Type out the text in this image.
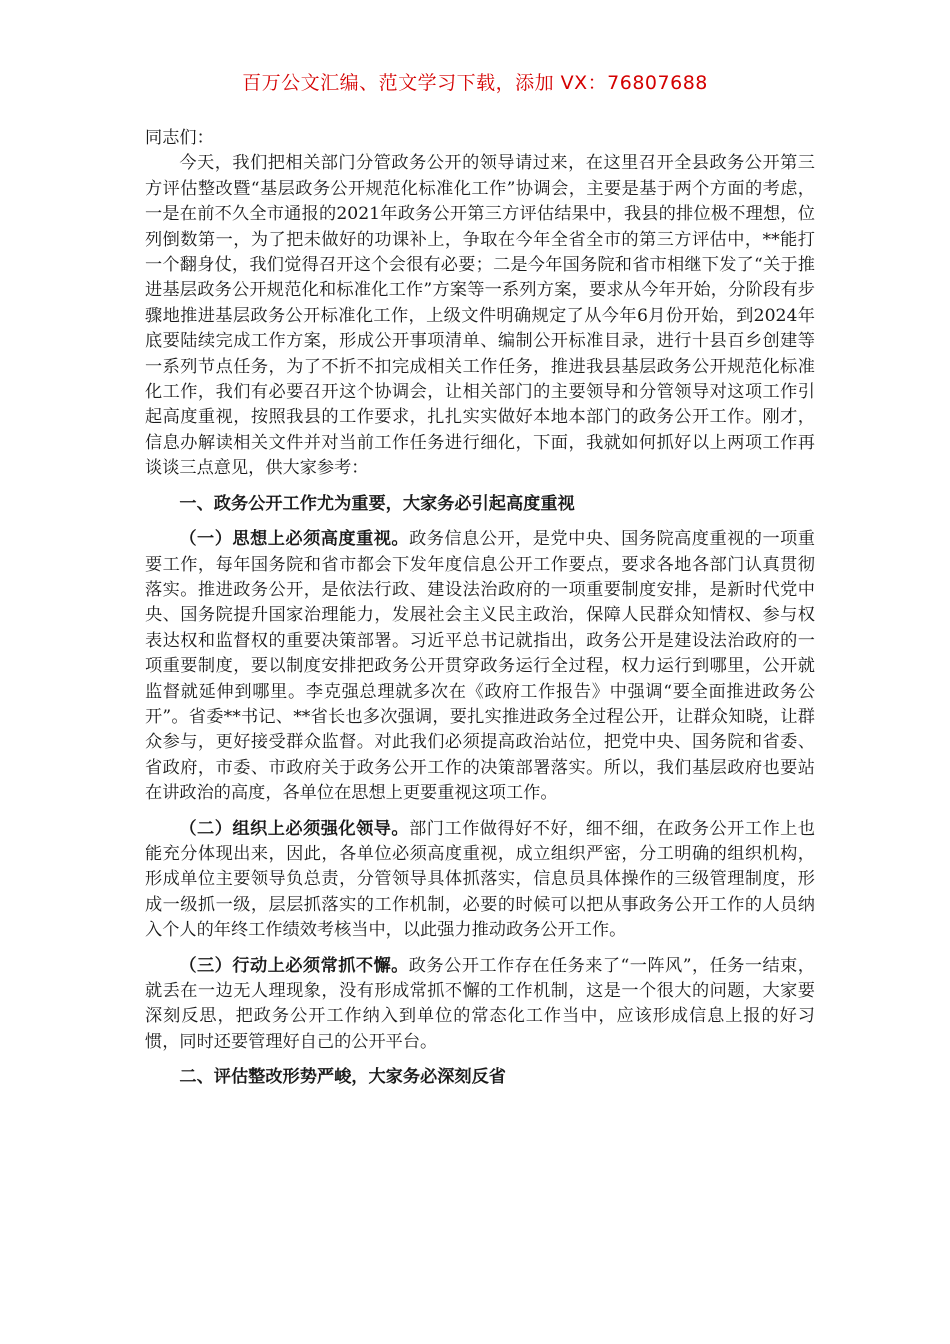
百万公文汇编、范文学习下载，添加 VX：76807688
同志们：

今天，我们把相关部门分管政务公开的领导请过来，在这里召开全县政务公开第三方评估整改暨“基层政务公开规范化标准化工作”协调会，主要是基于两个方面的考虑，一是在前不久全市通报的2021年政务公开第三方评估结果中，我县的排位极不理想，位列倒数第一，为了把未做好的功课补上，争取在今年全省全市的第三方评估中，**能打一个翻身仗，我们觉得召开这个会很有必要；二是今年国务院和省市相继下发了“关于推进基层政务公开规范化和标准化工作”方案等一系列方案，要求从今年开始，分阶段有步骤地推进基层政务公开标准化工作，上级文件明确规定了从今年6月份开始，到2024年底要陆续完成工作方案，形成公开事项清单、编制公开标准目录，进行十县百乡创建等一系列节点任务，为了不折不扣完成相关工作任务，推进我县基层政务公开规范化标准化工作，我们有必要召开这个协调会，让相关部门的主要领导和分管领导对这项工作引起高度重视，按照我县的工作要求，扎扎实实做好本地本部门的政务公开工作。刚才，信息办解读相关文件并对当前工作任务进行细化，下面，我就如何抓好以上两项工作再谈谈三点意见，供大家参考：

一、政务公开工作尤为重要，大家务必引起高度重视

（一）思想上必须高度重视。政务信息公开，是党中央、国务院高度重视的一项重要工作，每年国务院和省市都会下发年度信息公开工作要点，要求各地各部门认真贯彻落实。推进政务公开，是依法行政、建设法治政府的一项重要制度安排，是新时代党中央、国务院提升国家治理能力，发展社会主义民主政治，保障人民群众知情权、参与权表达权和监督权的重要决策部署。习近平总书记就指出，政务公开是建设法治政府的一项重要制度，要以制度安排把政务公开贯穿政务运行全过程，权力运行到哪里，公开就监督就延伸到哪里。李克强总理就多次在《政府工作报告》中强调“要全面推进政务公开”。省委**书记、**省长也多次强调，要扎实推进政务全过程公开，让群众知晓，让群众参与，更好接受群众监督。对此我们必须提高政治站位，把党中央、国务院和省委、省政府，市委、市政府关于政务公开工作的决策部署落实。所以，我们基层政府也要站在讲政治的高度，各单位在思想上更要重视这项工作。

（二）组织上必须强化领导。部门工作做得好不好，细不细，在政务公开工作上也能充分体现出来，因此，各单位必须高度重视，成立组织严密，分工明确的组织机构，形成单位主要领导负总责，分管领导具体抓落实，信息员具体操作的三级管理制度，形成一级抓一级，层层抓落实的工作机制，必要的时候可以把从事政务公开工作的人员纳入个人的年终工作绩效考核当中，以此强力推动政务公开工作。

（三）行动上必须常抓不懈。政务公开工作存在任务来了“一阵风”，任务一结束，就丢在一边无人理现象，没有形成常抓不懈的工作机制，这是一个很大的问题，大家要深刻反思，把政务公开工作纳入到单位的常态化工作当中，应该形成信息上报的好习惯，同时还要管理好自己的公开平台。

二、评估整改形势严峻，大家务必深刻反省
